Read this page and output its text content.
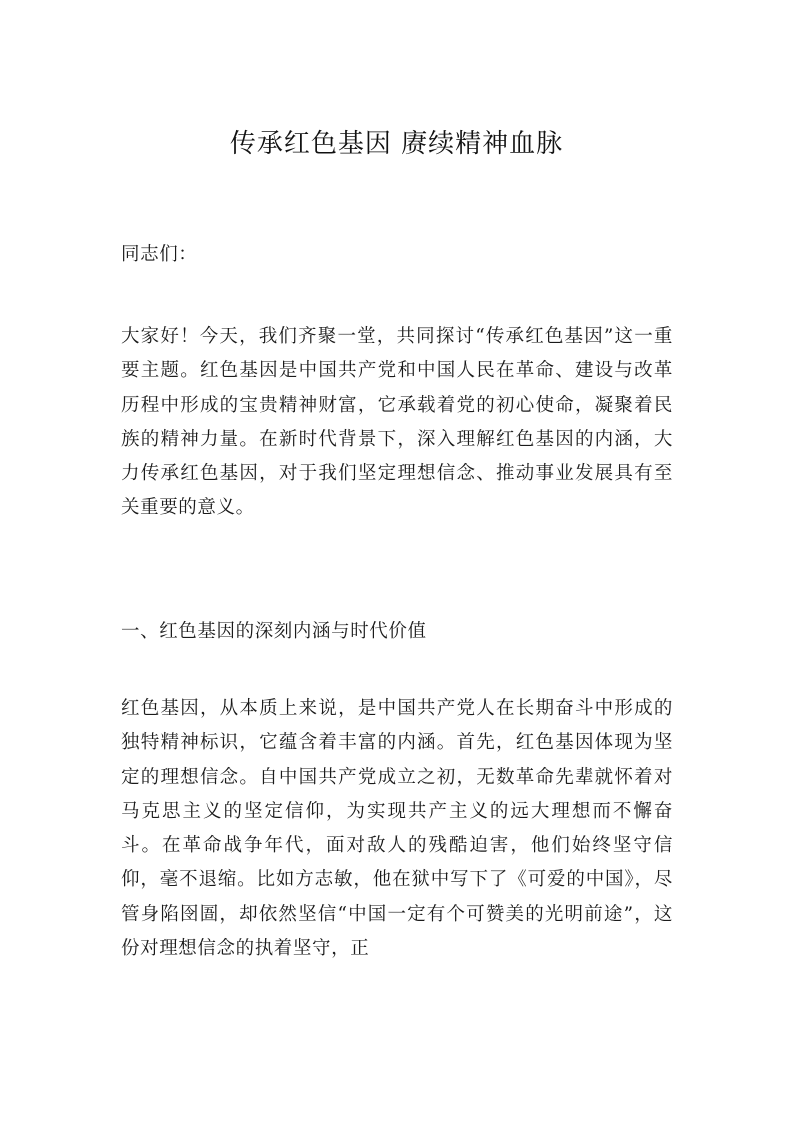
传承红色基因 赓续精神血脉

同志们：

大家好！今天，我们齐聚一堂，共同探讨“传承红色基因”这一重要主题。红色基因是中国共产党和中国人民在革命、建设与改革历程中形成的宝贵精神财富，它承载着党的初心使命，凝聚着民族的精神力量。在新时代背景下，深入理解红色基因的内涵，大力传承红色基因，对于我们坚定理想信念、推动事业发展具有至关重要的意义。

一、红色基因的深刻内涵与时代价值

红色基因，从本质上来说，是中国共产党人在长期奋斗中形成的独特精神标识，它蕴含着丰富的内涵。首先，红色基因体现为坚定的理想信念。自中国共产党成立之初，无数革命先辈就怀着对马克思主义的坚定信仰，为实现共产主义的远大理想而不懈奋斗。在革命战争年代，面对敌人的残酷迫害，他们始终坚守信仰，毫不退缩。比如方志敏，他在狱中写下了《可爱的中国》，尽管身陷囹圄，却依然坚信“中国一定有个可赞美的光明前途”，这份对理想信念的执着坚守，正
